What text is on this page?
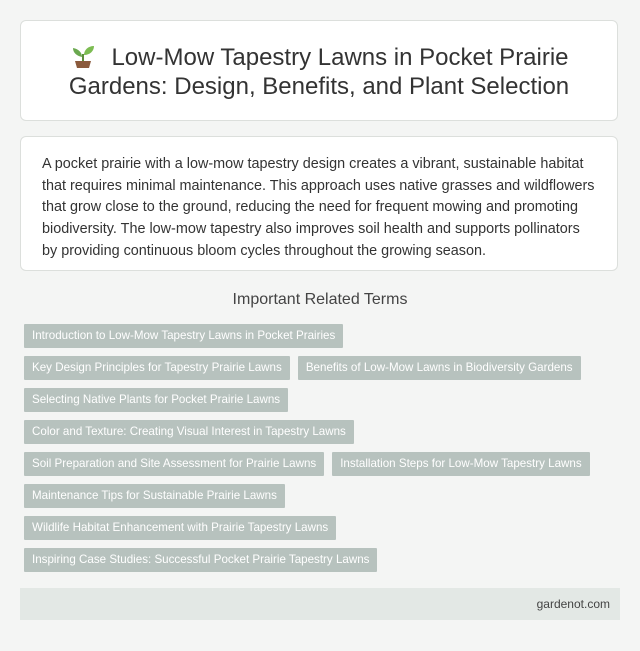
Low-Mow Tapestry Lawns in Pocket Prairie Gardens: Design, Benefits, and Plant Selection

A pocket prairie with a low-mow tapestry design creates a vibrant, sustainable habitat that requires minimal maintenance. This approach uses native grasses and wildflowers that grow close to the ground, reducing the need for frequent mowing and promoting biodiversity. The low-mow tapestry also improves soil health and supports pollinators by providing continuous bloom cycles throughout the growing season.

Important Related Terms
Introduction to Low-Mow Tapestry Lawns in Pocket Prairies
Key Design Principles for Tapestry Prairie Lawns	Benefits of Low-Mow Lawns in Biodiversity Gardens
Selecting Native Plants for Pocket Prairie Lawns
Color and Texture: Creating Visual Interest in Tapestry Lawns
Soil Preparation and Site Assessment for Prairie Lawns	Installation Steps for Low-Mow Tapestry Lawns
Maintenance Tips for Sustainable Prairie Lawns
Wildlife Habitat Enhancement with Prairie Tapestry Lawns
Inspiring Case Studies: Successful Pocket Prairie Tapestry Lawns
gardenot.com
